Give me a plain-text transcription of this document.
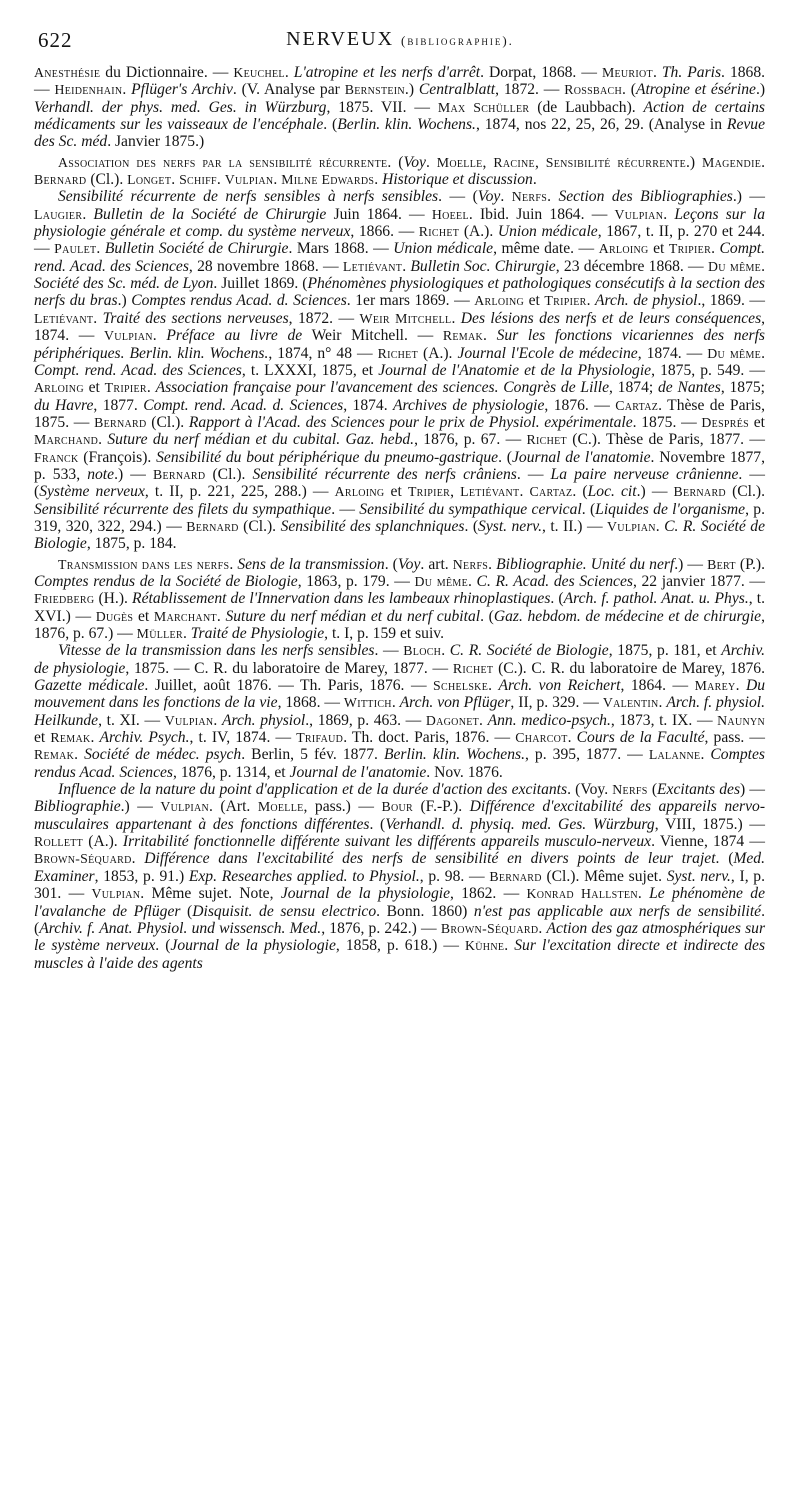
622	NERVEUX (bibliographie).

Anesthésie du Dictionnaire. — Keuchel. L'atropine et les nerfs d'arrêt. Dorpat, 1868. — Meuriot. Th. Paris. 1868. — Heidenhain. Pflüger's Archiv. (V. Analyse par Bernstein.) Centralblatt, 1872. — Rossbach. (Atropine et ésérine.) Verhandl. der phys. med. Ges. in Würzburg, 1875. VII. — Max Schüller (de Laubbach). Action de certains médicaments sur les vaisseaux de l'encéphale. (Berlin. klin. Wochens., 1874, nos 22, 25, 26, 29. (Analyse in Revue des Sc. méd. Janvier 1875.)

Association des nerfs par la sensibilité récurrente. (Voy. Moelle, Racine, Sensibilité récurrente.) Magendie. Bernard (Cl.). Longet. Schiff. Vulpian. Milne Edwards. Historique et discussion.

Sensibilité récurrente de nerfs sensibles à nerfs sensibles. — (Voy. Nerfs. Section des Bibliographies.) — Laugier. Bulletin de la Société de Chirurgie Juin 1864. — Hoeel. Ibid. Juin 1864. — Vulpian. Leçons sur la physiologie générale et comp. du système nerveux, 1866. — Richet (A.). Union médicale, 1867, t. II, p. 270 et 244. — Paulet. Bulletin Société de Chirurgie. Mars 1868. — Union médicale, même date. — Arloing et Tripier. Compt. rend. Acad. des Sciences, 28 novembre 1868. — Letiévant. Bulletin Soc. Chirurgie, 23 décembre 1868. — Du même. Société des Sc. méd. de Lyon. Juillet 1869. (Phénomènes physiologiques et pathologiques consécutifs à la section des nerfs du bras.) Comptes rendus Acad. d. Sciences. 1er mars 1869. — Arloing et Tripier. Arch. de physiol., 1869. — Letiévant. Traité des sections nerveuses, 1872. — Weir Mitchell. Des lésions des nerfs et de leurs conséquences, 1874. — Vulpian. Préface au livre de Weir Mitchell. — Remak. Sur les fonctions vicariennes des nerfs périphériques. Berlin. klin. Wochens., 1874, n° 48 — Richet (A.). Journal l'Ecole de médecine, 1874. — Du même. Compt. rend. Acad. des Sciences, t. LXXXI, 1875, et Journal de l'Anatomie et de la Physiologie, 1875, p. 549. — Arloing et Tripier. Association française pour l'avancement des sciences. Congrès de Lille, 1874; de Nantes, 1875; du Havre, 1877. Compt. rend. Acad. d. Sciences, 1874. Archives de physiologie, 1876. — Cartaz. Thèse de Paris, 1875. — Bernard (Cl.). Rapport à l'Acad. des Sciences pour le prix de Physiol. expérimentale. 1875. — Després et Marchand. Suture du nerf médian et du cubital. Gaz. hebd., 1876, p. 67. — Richet (C.). Thèse de Paris, 1877. — Franck (François). Sensibilité du bout périphérique du pneumo-gastrique. (Journal de l'anatomie. Novembre 1877, p. 533, note.) — Bernard (Cl.). Sensibilité récurrente des nerfs crâniens. — La paire nerveuse crânienne. — (Système nerveux, t. II, p. 221, 225, 288.) — Arloing et Tripier, Letiévant. Cartaz. (Loc. cit.) — Bernard (Cl.). Sensibilité récurrente des filets du sympathique. — Sensibilité du sympathique cervical. (Liquides de l'organisme, p. 319, 320, 322, 294.) — Bernard (Cl.). Sensibilité des splanchniques. (Syst. nerv., t. II.) — Vulpian. C. R. Société de Biologie, 1875, p. 184.

Transmission dans les nerfs. Sens de la transmission. (Voy. art. Nerfs. Bibliographie. Unité du nerf.) — Bert (P.). Comptes rendus de la Société de Biologie, 1863, p. 179. — Du même. C. R. Acad. des Sciences, 22 janvier 1877. — Friedberg (H.). Rétablissement de l'Innervation dans les lambeaux rhinoplastiques. (Arch. f. pathol. Anat. u. Phys., t. XVI.) — Dugès et Marchant. Suture du nerf médian et du nerf cubital. (Gaz. hebdom. de médecine et de chirurgie, 1876, p. 67.) — Müller. Traité de Physiologie, t. I, p. 159 et suiv.

Vitesse de la transmission dans les nerfs sensibles. — Bloch. C. R. Société de Biologie, 1875, p. 181, et Archiv. de physiologie, 1875. — C. R. du laboratoire de Marey, 1877. — Richet (C.). C. R. du laboratoire de Marey, 1876. Gazette médicale. Juillet, août 1876. — Th. Paris, 1876. — Schelske. Arch. von Reichert, 1864. — Marey. Du mouvement dans les fonctions de la vie, 1868. — Wittich. Arch. von Pflüger, II, p. 329. — Valentin. Arch. f. physiol. Heilkunde, t. XI. — Vulpian. Arch. physiol., 1869, p. 463. — Dagonet. Ann. medico-psych., 1873, t. IX. — Naunyn et Remak. Archiv. Psych., t. IV, 1874. — Trifaud. Th. doct. Paris, 1876. — Charcot. Cours de la Faculté, pass. — Remak. Société de médec. psych. Berlin, 5 fév. 1877. Berlin. klin. Wochens., p. 395, 1877. — Lalanne. Comptes rendus Acad. Sciences, 1876, p. 1314, et Journal de l'anatomie. Nov. 1876.

Influence de la nature du point d'application et de la durée d'action des excitants. (Voy. Nerfs (Excitants des) — Bibliographie.) — Vulpian. (Art. Moelle, pass.) — Bour (F.-P.). Différence d'excitabilité des appareils nervo-musculaires appartenant à des fonctions différentes. (Verhandl. d. physiq. med. Ges. Würzburg, VIII, 1875.) — Rollett (A.). Irritabilité fonctionnelle différente suivant les différents appareils musculo-nerveux. Vienne, 1874 — Brown-Séquard. Différence dans l'excitabilité des nerfs de sensibilité en divers points de leur trajet. (Med. Examiner, 1853, p. 91.) Exp. Researches applied. to Physiol., p. 98. — Bernard (Cl.). Même sujet. Syst. nerv., I, p. 301. — Vulpian. Même sujet. Note, Journal de la physiologie, 1862. — Konrad Hallsten. Le phénomène de l'avalanche de Pflüger (Disquisit. de sensu electrico. Bonn. 1860) n'est pas applicable aux nerfs de sensibilité. (Archiv. f. Anat. Physiol. und wissensch. Med., 1876, p. 242.) — Brown-Séquard. Action des gaz atmosphériques sur le système nerveux. (Journal de la physiologie, 1858, p. 618.) — Kühne. Sur l'excitation directe et indirecte des muscles à l'aide des agents
